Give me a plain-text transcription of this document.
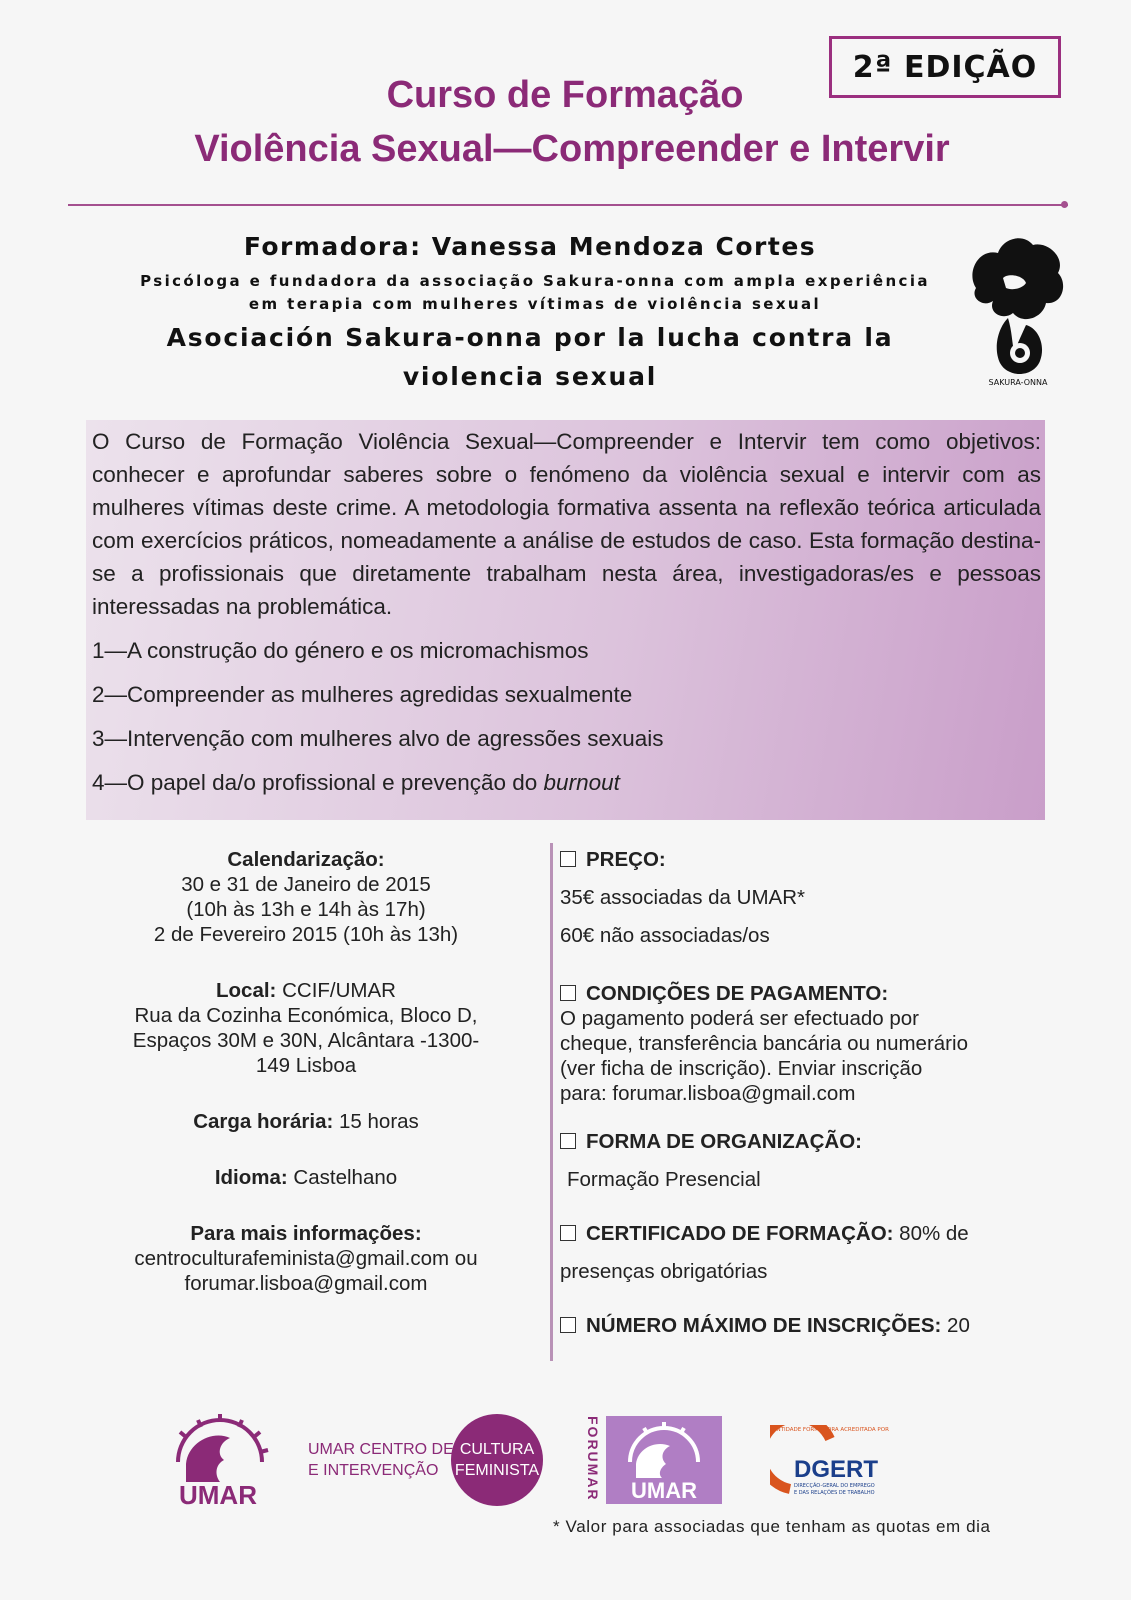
2ª EDIÇÃO
Curso de Formação
Violência Sexual—Compreender e Intervir
Formadora: Vanessa Mendoza Cortes
Psicóloga e fundadora da associação Sakura-onna com ampla experiência
em terapia com mulheres vítimas de violência sexual
Asociación Sakura-onna por la lucha contra la
violencia sexual	SAKURA-ONNA

O Curso de Formação Violência Sexual—Compreender e Intervir tem como objetivos: conhecer e aprofundar saberes sobre o fenómeno da violência sexual e intervir com as mulheres vítimas deste crime. A metodologia formativa assenta na reflexão teórica articulada com exercícios práticos, nomeadamente a análise de estudos de caso. Esta formação destina-se a profissionais que diretamente trabalham nesta área, investigadoras/es e pessoas interessadas na problemática.

1—A construção do género e os micromachismos
2—Compreender as mulheres agredidas sexualmente
3—Intervenção com mulheres alvo de agressões sexuais
4—O papel da/o profissional e prevenção do burnout
Calendarização:
30 e 31 de Janeiro de 2015
(10h às 13h e 14h às 17h)
2 de Fevereiro 2015 (10h às 13h)
Local: CCIF/UMAR
Rua da Cozinha Económica, Bloco D,
Espaços 30M e 30N, Alcântara -1300-
149 Lisboa
Carga horária: 15 horas
Idioma: Castelhano
Para mais informações:
centroculturafeminista@gmail.com ou
forumar.lisboa@gmail.com
PREÇO:
35€ associadas da UMAR*
60€ não associadas/os
CONDIÇÕES DE PAGAMENTO:
O pagamento poderá ser efectuado por
cheque, transferência bancária ou numerário
(ver ficha de inscrição). Enviar inscrição
para: forumar.lisboa@gmail.com
FORMA DE ORGANIZAÇÃO:
Formação Presencial
CERTIFICADO DE FORMAÇÃO: 80% de
presenças obrigatórias
NÚMERO MÁXIMO DE INSCRIÇÕES: 20
UMAR
UMAR CENTRO DE
E INTERVENÇÃO
CULTURA
FEMINISTA	FORUMAR UMAR
ENTIDADE FORMADORA ACREDITADA POR
DGERT
DIRECÇÃO-GERAL DO EMPREGO
E DAS RELAÇÕES DE TRABALHO
* Valor para associadas que tenham as quotas em dia
